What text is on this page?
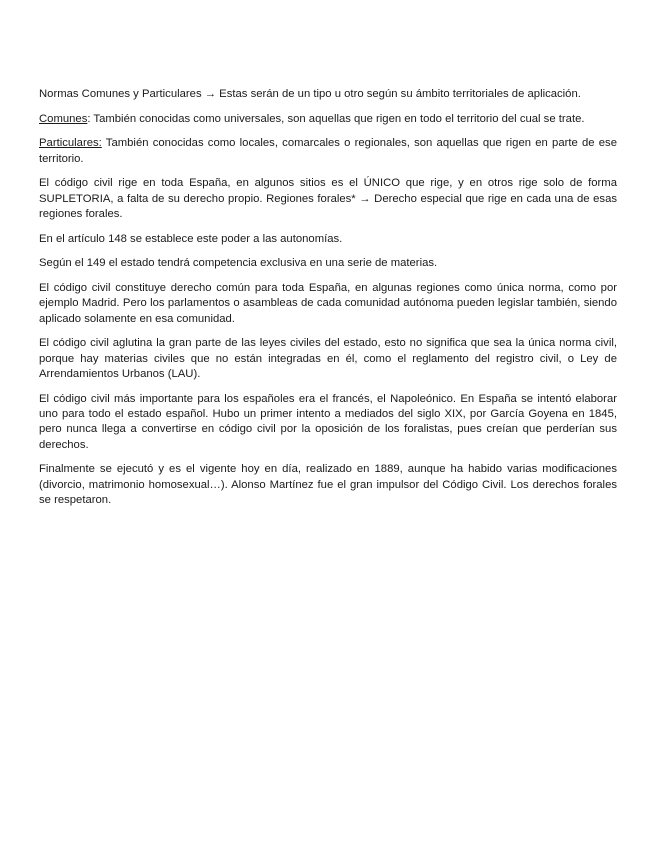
Normas Comunes y Particulares → Estas serán de un tipo u otro según su ámbito territoriales de aplicación.

Comunes: También conocidas como universales, son aquellas que rigen en todo el territorio del cual se trate.

Particulares: También conocidas como locales, comarcales o regionales, son aquellas que rigen en parte de ese territorio.

El código civil rige en toda España, en algunos sitios es el ÚNICO que rige, y en otros rige solo de forma SUPLETORIA, a falta de su derecho propio. Regiones forales* → Derecho especial que rige en cada una de esas regiones forales.

En el artículo 148 se establece este poder a las autonomías.

Según el 149 el estado tendrá competencia exclusiva en una serie de materias.

El código civil constituye derecho común para toda España, en algunas regiones como única norma, como por ejemplo Madrid. Pero los parlamentos o asambleas de cada comunidad autónoma pueden legislar también, siendo aplicado solamente en esa comunidad.

El código civil aglutina la gran parte de las leyes civiles del estado, esto no significa que sea la única norma civil, porque hay materias civiles que no están integradas en él, como el reglamento del registro civil, o Ley de Arrendamientos Urbanos (LAU).

El código civil más importante para los españoles era el francés, el Napoleónico. En España se intentó elaborar uno para todo el estado español. Hubo un primer intento a mediados del siglo XIX, por García Goyena en 1845, pero nunca llega a convertirse en código civil por la oposición de los foralistas, pues creían que perderían sus derechos.

Finalmente se ejecutó y es el vigente hoy en día, realizado en 1889, aunque ha habido varias modificaciones (divorcio, matrimonio homosexual…). Alonso Martínez fue el gran impulsor del Código Civil. Los derechos forales se respetaron.
